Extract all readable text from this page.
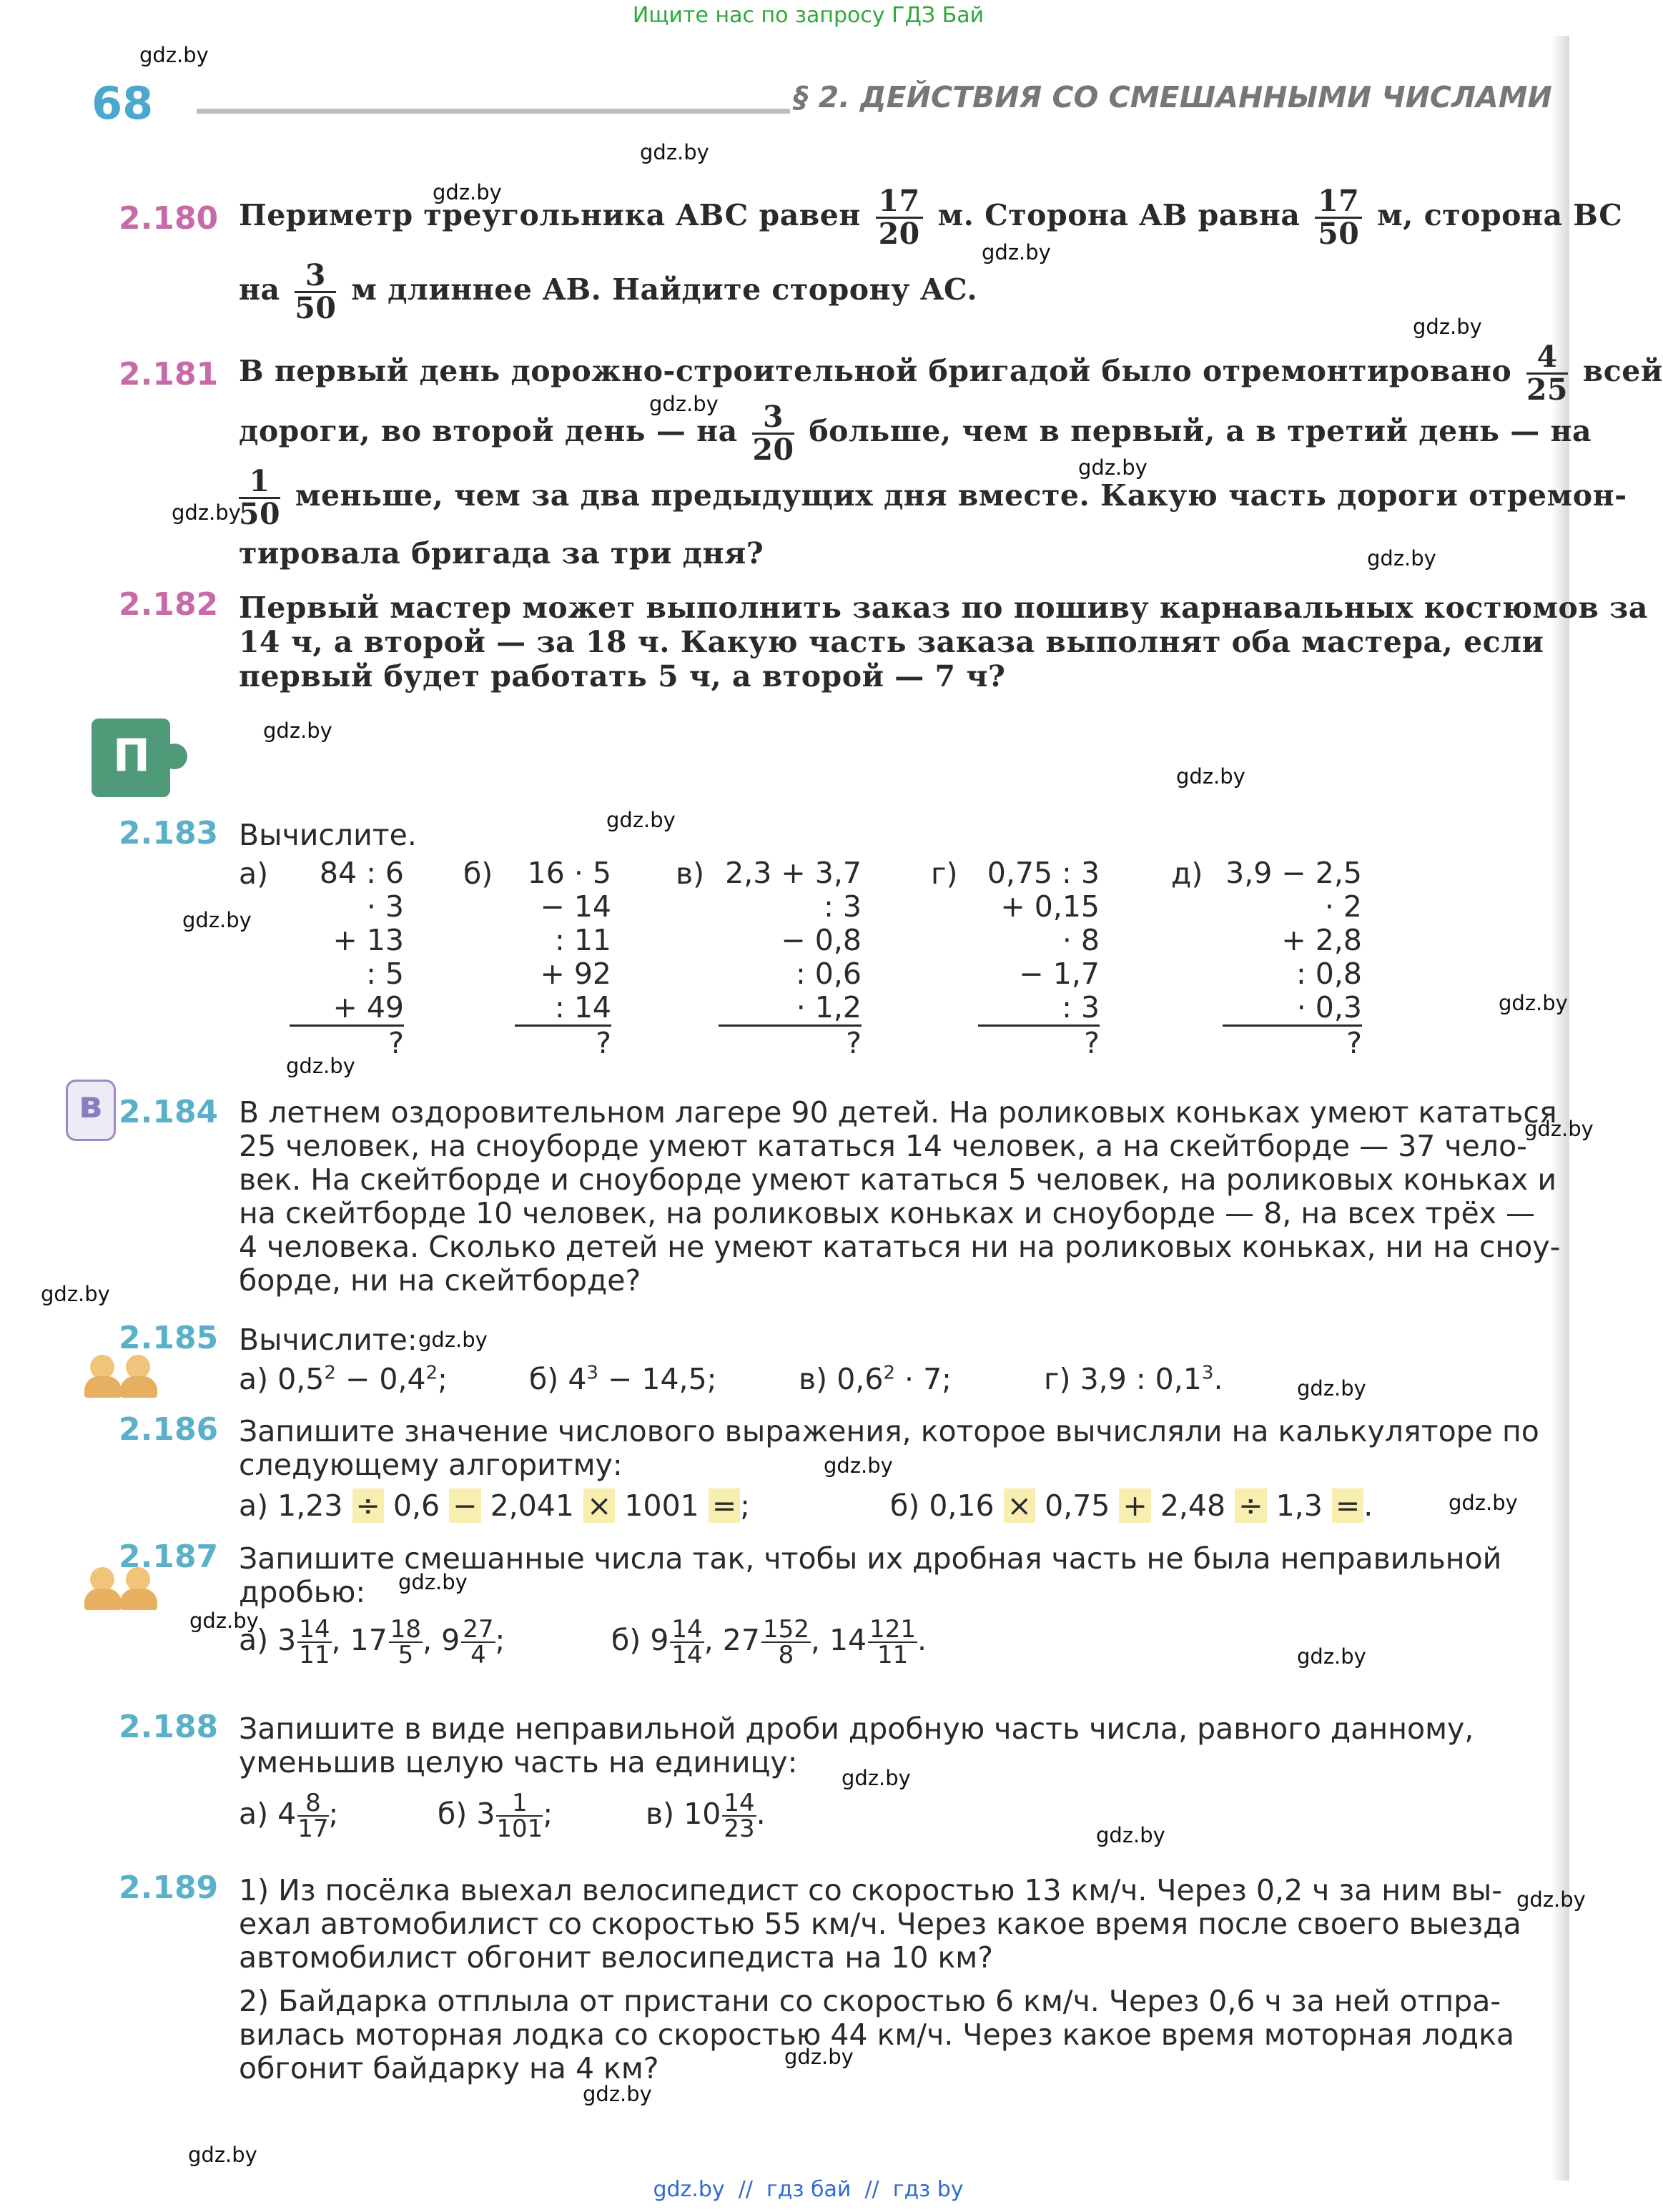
Ищите нас по запросу ГДЗ Бай
gdz.by  //  гдз бай  //  гдз by
68	§ 2. ДЕЙСТВИЯ СО СМЕШАННЫМИ ЧИСЛАМИ
gdz.by
gdz.by
gdz.by
gdz.by
gdz.by
gdz.by
gdz.by
gdz.by
gdz.by
gdz.by
gdz.by
gdz.by
gdz.by
gdz.by
gdz.by
gdz.by
gdz.by
gdz.by
gdz.by
gdz.by
gdz.by
gdz.by
gdz.by
gdz.by
gdz.by
gdz.by
gdz.by
gdz.by
gdz.by
gdz.by
2.180 Периметр треугольника ABC равен $\frac{17}{20} м$. Сторона AB равна $\frac{17}{50} м$, сторона BC
на $\frac{3}{50}$ м длиннее AB. Найдите сторону AC.
2.181 В первый день дорожно-строительной бригадой было отремонтировано $\frac{4}{25}$ всей
дороги, во второй день — на $\frac{3}{20}$ больше, чем в первый, а в третий день — на
$\frac{1}{50}$ меньше, чем за два предыдущих дня вместе. Какую часть дороги отремон-
тировала бригада за три дня?
2.182 Первый мастер может выполнить заказ по пошиву карнавальных костюмов за
14 ч, а второй — за 18 ч. Какую часть заказа выполнят оба мастера, если
первый будет работать 5 ч, а второй — 7 ч?
П
2.183 Вычислите.
а)	84 : 6
· 3
+ 13
: 5
+ 49
?
б)	16 · 5
− 14
: 11
+ 92
: 14
?
в) 2,3 + 3,7
: 3
− 0,8
: 0,6
· 1,2
?
г)	0,75 : 3
+ 0,15
· 8
− 1,7
: 3
?
д) 3,9 − 2,5
· 2
+ 2,8
: 0,8
· 0,3
?
в 2.184 В летнем оздоровительном лагере 90 детей. На роликовых коньках умеют кататься
25 человек, на сноуборде умеют кататься 14 человек, а на скейтборде — 37 чело-
век. На скейтборде и сноуборде умеют кататься 5 человек, на роликовых коньках и
на скейтборде 10 человек, на роликовых коньках и сноуборде — 8, на всех трёх —
4 человека. Сколько детей не умеют кататься ни на роликовых коньках, ни на сноу-
борде, ни на скейтборде?
2.185 Вычислите:
а) $0,5^2 - 0,4^2$;	б) $4^3 - 14,5$;	в) $0,6^2 \cdot 7$;	г) 3,9 : $0,1^3$.
2.186 Запишите значение числового выражения, которое вычисляли на калькуляторе по
следующему алгоритму:
а) 1,23 ÷ 0,6 − 2,041 × 1001 = ;	б) 0,16 × 0,75 + 2,48 ÷ 1,3 = .
2.187 Запишите смешанные числа так, чтобы их дробная часть не была неправильной
дробью:
а) $3 \frac{14}{11}$ , $17 \frac{18}{5}$ , $9 \frac{27}{4}$ ;	б) $9 \frac{14}{14}$ , $27 \frac{152}{8}$ , $14 \frac{121}{11}$ .
2.188 Запишите в виде неправильной дроби дробную часть числа, равного данному,
уменьшив целую часть на единицу:
а) $4 \frac{8}{17}$ ;	б) $3 \frac{1}{101}$ ;	в) $10 \frac{14}{23}$ .
2.189 1) Из посёлка выехал велосипедист со скоростью 13 км/ч. Через 0,2 ч за ним вы-
ехал автомобилист со скоростью 55 км/ч. Через какое время после своего выезда
автомобилист обгонит велосипедиста на 10 км?
2) Байдарка отплыла от пристани со скоростью 6 км/ч. Через 0,6 ч за ней отпра-
вилась моторная лодка со скоростью 44 км/ч. Через какое время моторная лодка
обгонит байдарку на 4 км?
